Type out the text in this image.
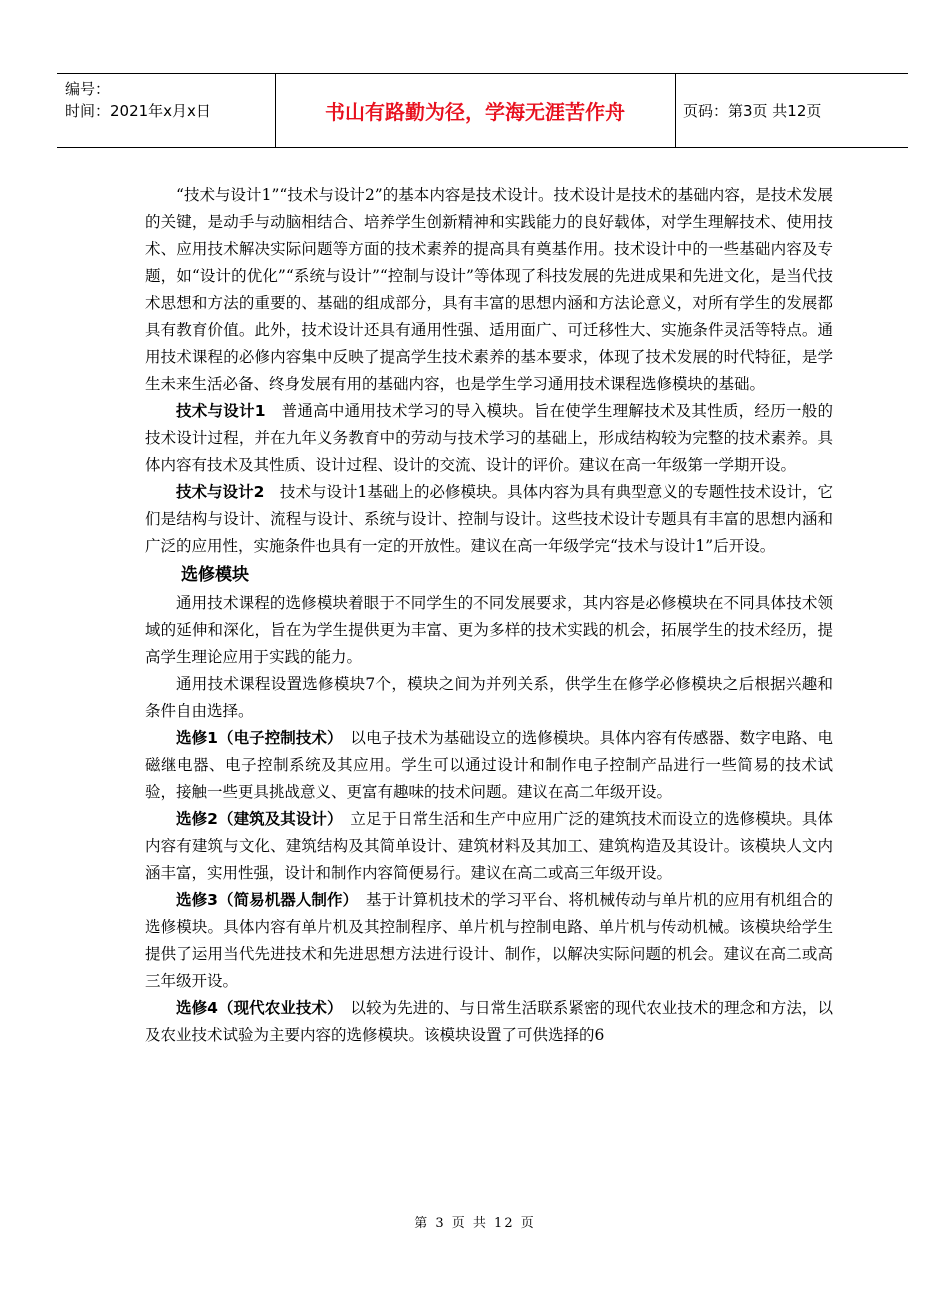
编号：
时间：2021年x月x日	书山有路勤为径，学海无涯苦作舟	页码：第3页 共12页

“技术与设计1”“技术与设计2”的基本内容是技术设计。技术设计是技术的基础内容，是技术发展的关键，是动手与动脑相结合、培养学生创新精神和实践能力的良好载体，对学生理解技术、使用技术、应用技术解决实际问题等方面的技术素养的提高具有奠基作用。技术设计中的一些基础内容及专题，如“设计的优化”“系统与设计”“控制与设计”等体现了科技发展的先进成果和先进文化，是当代技术思想和方法的重要的、基础的组成部分，具有丰富的思想内涵和方法论意义，对所有学生的发展都具有教育价值。此外，技术设计还具有通用性强、适用面广、可迁移性大、实施条件灵活等特点。通用技术课程的必修内容集中反映了提高学生技术素养的基本要求，体现了技术发展的时代特征，是学生未来生活必备、终身发展有用的基础内容，也是学生学习通用技术课程选修模块的基础。

技术与设计1　普通高中通用技术学习的导入模块。旨在使学生理解技术及其性质，经历一般的技术设计过程，并在九年义务教育中的劳动与技术学习的基础上，形成结构较为完整的技术素养。具体内容有技术及其性质、设计过程、设计的交流、设计的评价。建议在高一年级第一学期开设。

技术与设计2　技术与设计1基础上的必修模块。具体内容为具有典型意义的专题性技术设计，它们是结构与设计、流程与设计、系统与设计、控制与设计。这些技术设计专题具有丰富的思想内涵和广泛的应用性，实施条件也具有一定的开放性。建议在高一年级学完“技术与设计1”后开设。

选修模块

通用技术课程的选修模块着眼于不同学生的不同发展要求，其内容是必修模块在不同具体技术领域的延伸和深化，旨在为学生提供更为丰富、更为多样的技术实践的机会，拓展学生的技术经历，提高学生理论应用于实践的能力。

通用技术课程设置选修模块7个，模块之间为并列关系，供学生在修学必修模块之后根据兴趣和条件自由选择。

选修1（电子控制技术）　以电子技术为基础设立的选修模块。具体内容有传感器、数字电路、电磁继电器、电子控制系统及其应用。学生可以通过设计和制作电子控制产品进行一些简易的技术试验，接触一些更具挑战意义、更富有趣味的技术问题。建议在高二年级开设。

选修2（建筑及其设计）　立足于日常生活和生产中应用广泛的建筑技术而设立的选修模块。具体内容有建筑与文化、建筑结构及其简单设计、建筑材料及其加工、建筑构造及其设计。该模块人文内涵丰富，实用性强，设计和制作内容简便易行。建议在高二或高三年级开设。

选修3（简易机器人制作）　基于计算机技术的学习平台、将机械传动与单片机的应用有机组合的选修模块。具体内容有单片机及其控制程序、单片机与控制电路、单片机与传动机械。该模块给学生提供了运用当代先进技术和先进思想方法进行设计、制作，以解决实际问题的机会。建议在高二或高三年级开设。

选修4（现代农业技术）　以较为先进的、与日常生活联系紧密的现代农业技术的理念和方法，以及农业技术试验为主要内容的选修模块。该模块设置了可供选择的6

第 3 页 共 12 页
